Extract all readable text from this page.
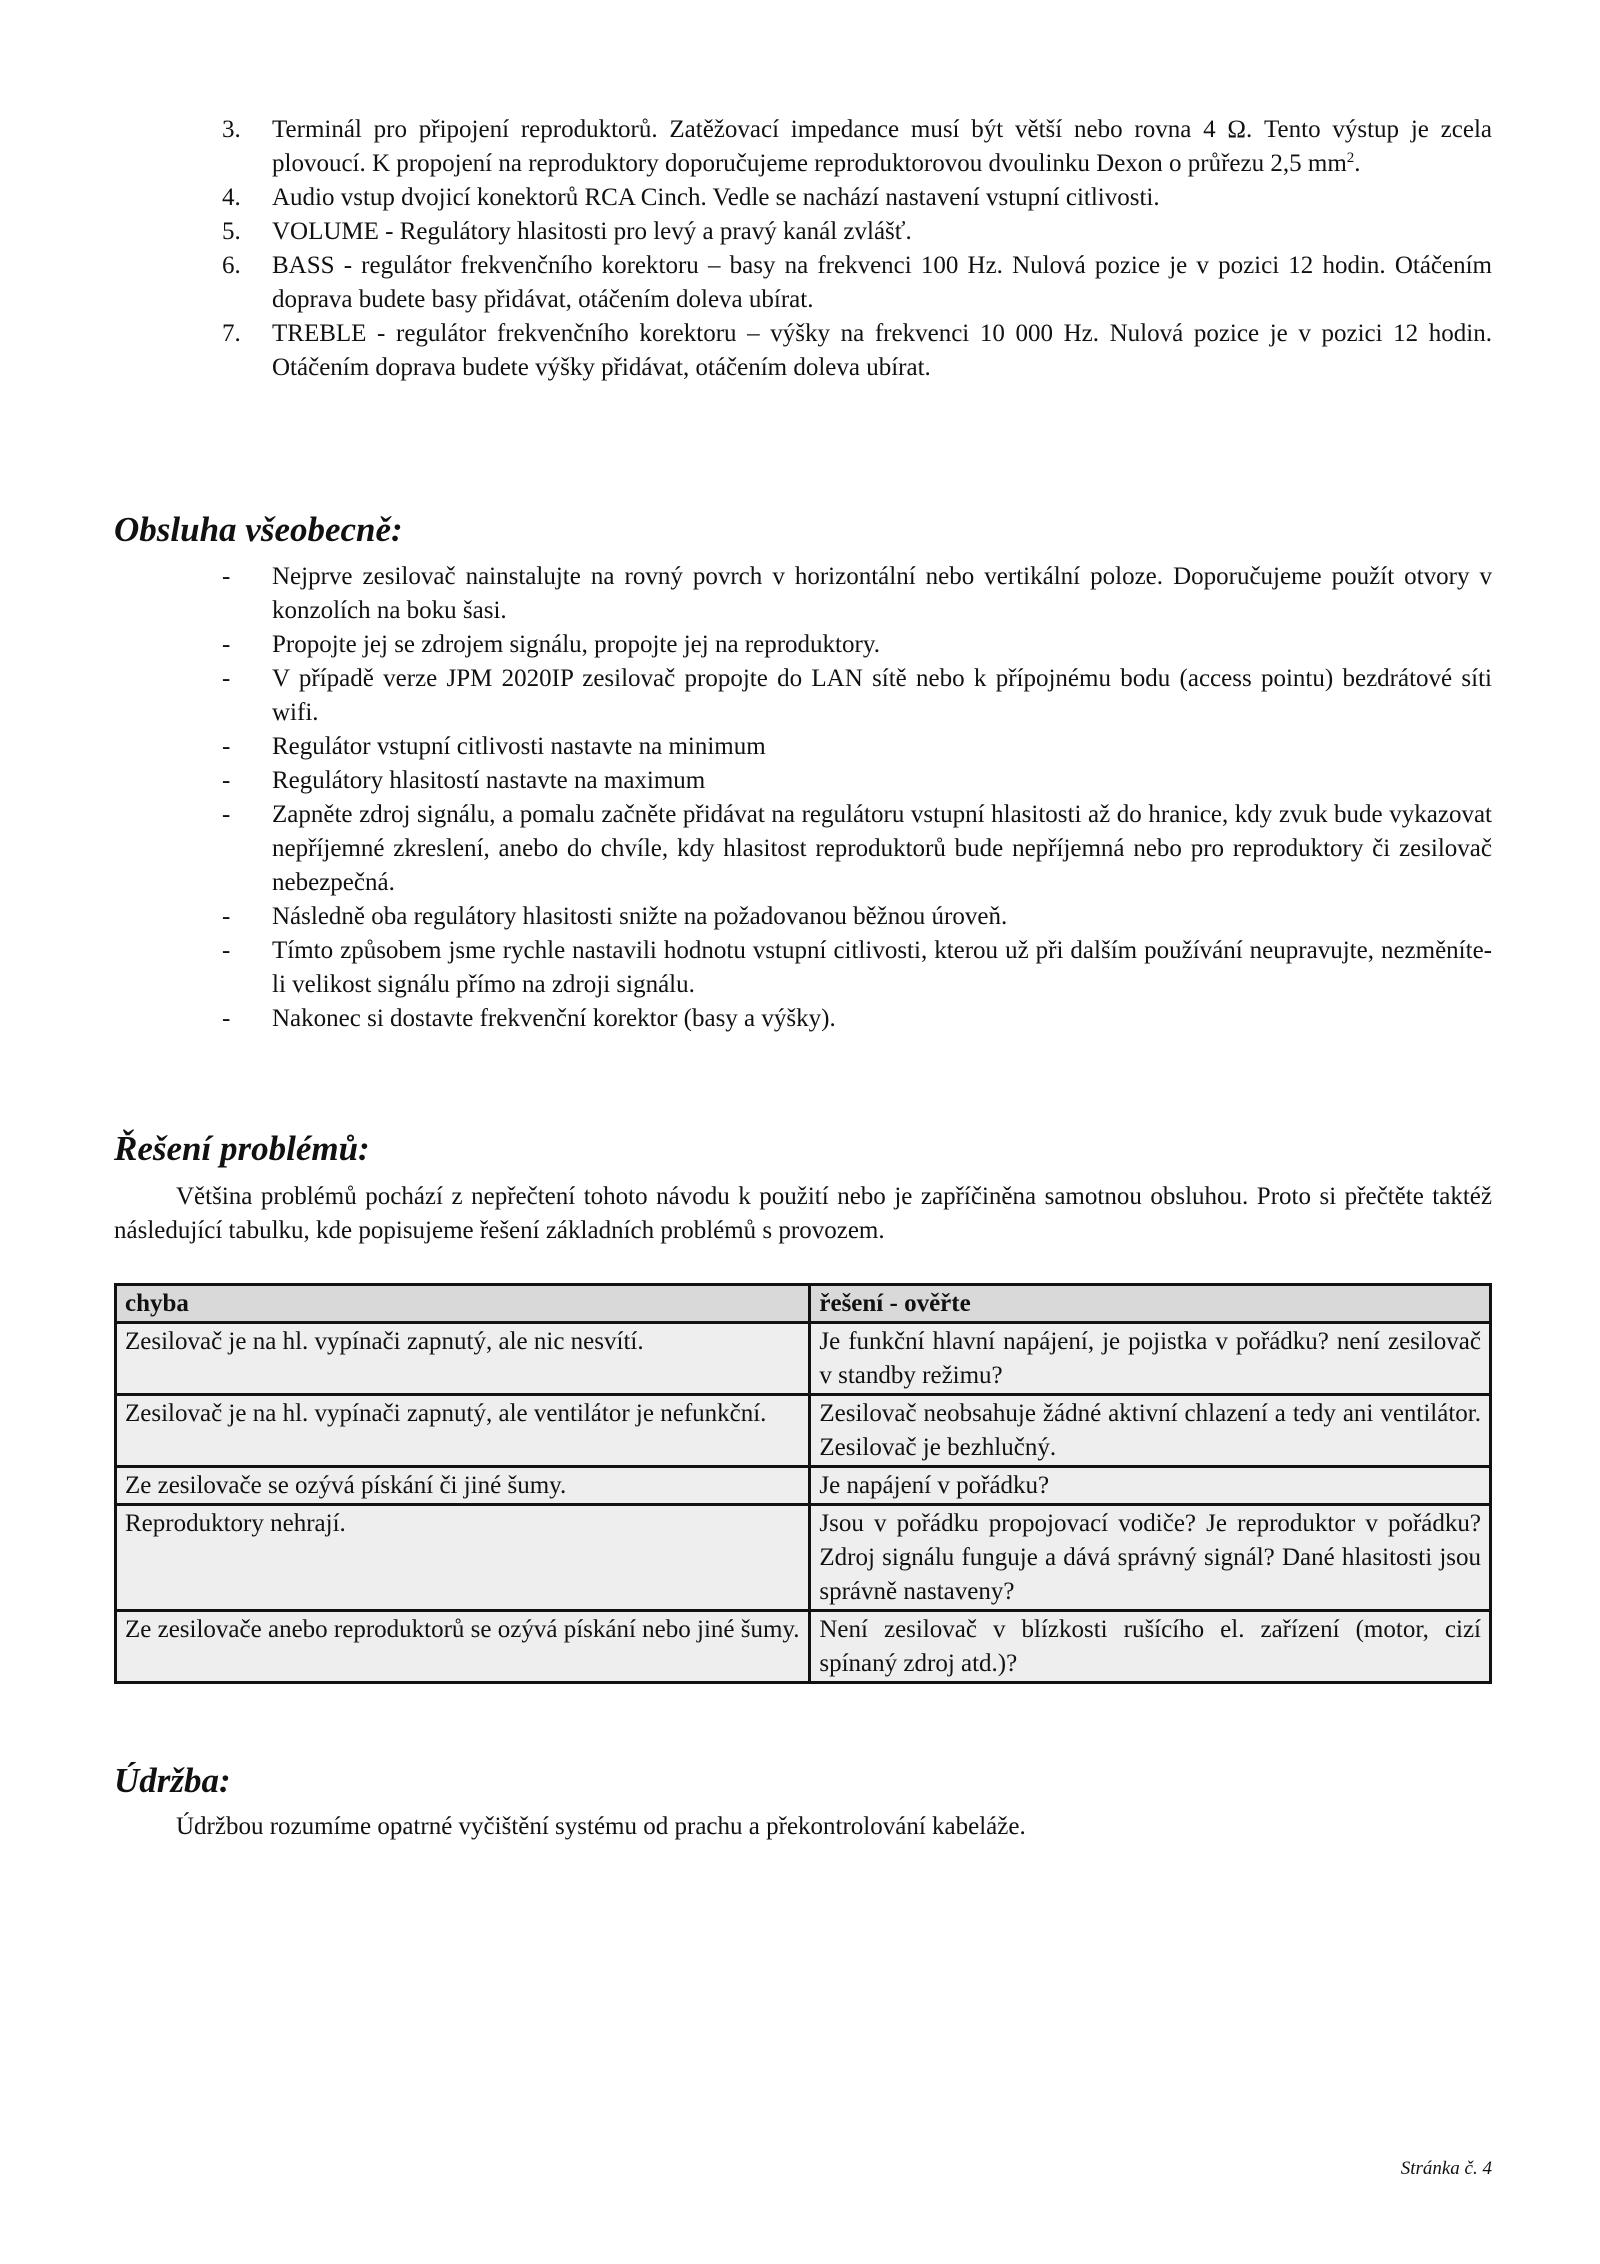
3. Terminál pro připojení reproduktorů. Zatěžovací impedance musí být větší nebo rovna 4 Ω. Tento výstup je zcela plovoucí. K propojení na reproduktory doporučujeme reproduktorovou dvoulinku Dexon o průřezu 2,5 $mm^2$.
4. Audio vstup dvojicí konektorů RCA Cinch. Vedle se nachází nastavení vstupní citlivosti.
5. VOLUME - Regulátory hlasitosti pro levý a pravý kanál zvlášť.
6. BASS - regulátor frekvenčního korektoru – basy na frekvenci 100 Hz. Nulová pozice je v pozici 12 hodin. Otáčením doprava budete basy přidávat, otáčením doleva ubírat.
7. TREBLE - regulátor frekvenčního korektoru – výšky na frekvenci 10 000 Hz. Nulová pozice je v pozici 12 hodin. Otáčením doprava budete výšky přidávat, otáčením doleva ubírat.
Obsluha všeobecně:
- Nejprve zesilovač nainstalujte na rovný povrch v horizontální nebo vertikální poloze. Doporučujeme použít otvory v konzolích na boku šasi.
- Propojte jej se zdrojem signálu, propojte jej na reproduktory.
- V případě verze JPM 2020IP zesilovač propojte do LAN sítě nebo k přípojnému bodu (access pointu) bezdrátové síti wifi.
- Regulátor vstupní citlivosti nastavte na minimum
- Regulátory hlasitostí nastavte na maximum
- Zapněte zdroj signálu, a pomalu začněte přidávat na regulátoru vstupní hlasitosti až do hranice, kdy zvuk bude vykazovat nepříjemné zkreslení, anebo do chvíle, kdy hlasitost reproduktorů bude nepříjemná nebo pro reproduktory či zesilovač nebezpečná.
- Následně oba regulátory hlasitosti snižte na požadovanou běžnou úroveň.
- Tímto způsobem jsme rychle nastavili hodnotu vstupní citlivosti, kterou už při dalším používání neupravujte, nezměníte-li velikost signálu přímo na zdroji signálu.
- Nakonec si dostavte frekvenční korektor (basy a výšky).
Řešení problémů:

Většina problémů pochází z nepřečtení tohoto návodu k použití nebo je zapříčiněna samotnou obsluhou. Proto si přečtěte taktéž následující tabulku, kde popisujeme řešení základních problémů s provozem.

chyba	řešení - ověřte
Zesilovač je na hl. vypínači zapnutý, ale nic nesvítí.	Je funkční hlavní napájení, je pojistka v pořádku? není zesilovač v standby režimu?
Zesilovač je na hl. vypínači zapnutý, ale ventilátor je nefunkční.	Zesilovač neobsahuje žádné aktivní chlazení a tedy ani ventilátor. Zesilovač je bezhlučný.
Ze zesilovače se ozývá pískání či jiné šumy.	Je napájení v pořádku?
Reproduktory nehrají.	Jsou v pořádku propojovací vodiče? Je reproduktor v pořádku? Zdroj signálu funguje a dává správný signál? Dané hlasitosti jsou správně nastaveny?
Ze zesilovače anebo reproduktorů se ozývá pískání nebo jiné šumy.	Není zesilovač v blízkosti rušícího el. zařízení (motor, cizí spínaný zdroj atd.)?
Údržba:

Údržbou rozumíme opatrné vyčištění systému od prachu a překontrolování kabeláže.

Stránka č. 4
